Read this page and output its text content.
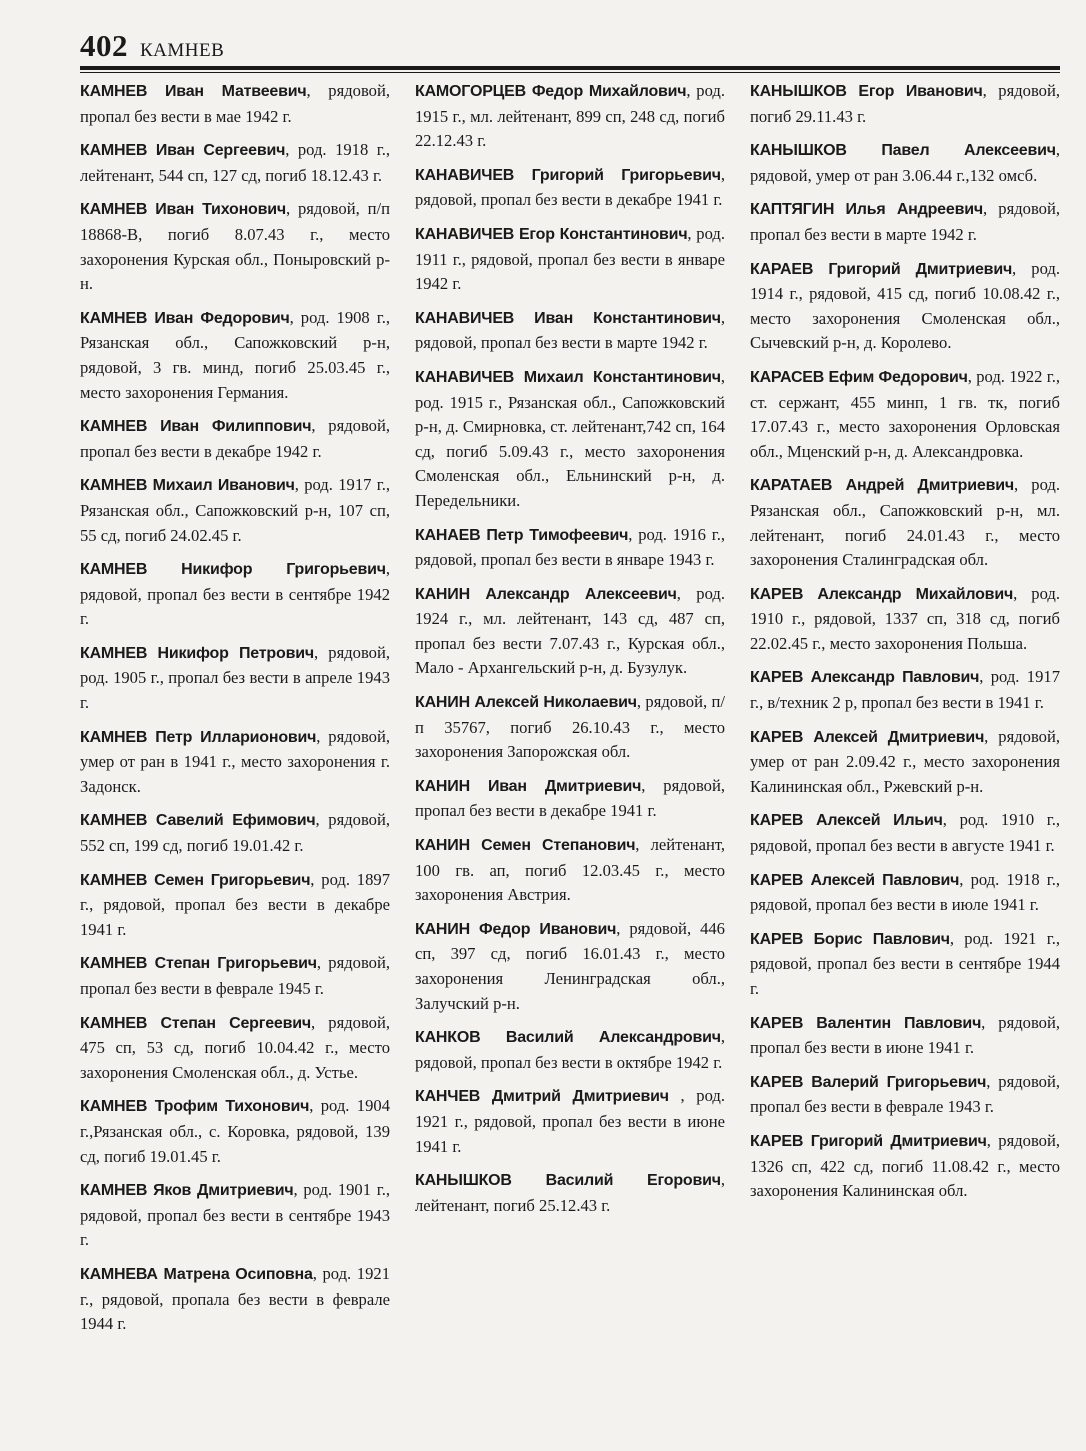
402 КАМНЕВ

КАМНЕВ Иван Матвеевич, рядовой, пропал без вести в мае 1942 г.

КАМНЕВ Иван Сергеевич, род. 1918 г., лейтенант, 544 сп, 127 сд, погиб 18.12.43 г.

КАМНЕВ Иван Тихонович, рядовой, п/п 18868-В, погиб 8.07.43 г., место захоронения Курская обл., Поныровский р-н.

КАМНЕВ Иван Федорович, род. 1908 г., Рязанская обл., Сапожковский р-н, рядовой, 3 гв. минд, погиб 25.03.45 г., место захоронения Германия.

КАМНЕВ Иван Филиппович, рядовой, пропал без вести в декабре 1942 г.

КАМНЕВ Михаил Иванович, род. 1917 г., Рязанская обл., Сапожковский р-н, 107 сп, 55 сд, погиб 24.02.45 г.

КАМНЕВ Никифор Григорьевич, рядовой, пропал без вести в сентябре 1942 г.

КАМНЕВ Никифор Петрович, рядовой, род. 1905 г., пропал без вести в апреле 1943 г.

КАМНЕВ Петр Илларионович, рядовой, умер от ран в 1941 г., место захоронения г. Задонск.

КАМНЕВ Савелий Ефимович, рядовой, 552 сп, 199 сд, погиб 19.01.42 г.

КАМНЕВ Семен Григорьевич, род. 1897 г., рядовой, пропал без вести в декабре 1941 г.

КАМНЕВ Степан Григорьевич, рядовой, пропал без вести в феврале 1945 г.

КАМНЕВ Степан Сергеевич, рядовой, 475 сп, 53 сд, погиб 10.04.42 г., место захоронения Смоленская обл., д. Устье.

КАМНЕВ Трофим Тихонович, род. 1904 г.,Рязанская обл., с. Коровка, рядовой, 139 сд, погиб 19.01.45 г.

КАМНЕВ Яков Дмитриевич, род. 1901 г., рядовой, пропал без вести в сентябре 1943 г.

КАМНЕВА Матрена Осиповна, род. 1921 г., рядовой, пропала без вести в феврале 1944 г.

КАМОГОРЦЕВ Федор Михайлович, род. 1915 г., мл. лейтенант, 899 сп, 248 сд, погиб 22.12.43 г.

КАНАВИЧЕВ Григорий Григорьевич, рядовой, пропал без вести в декабре 1941 г.

КАНАВИЧЕВ Егор Константинович, род. 1911 г., рядовой, пропал без вести в январе 1942 г.

КАНАВИЧЕВ Иван Константинович, рядовой, пропал без вести в марте 1942 г.

КАНАВИЧЕВ Михаил Константинович, род. 1915 г., Рязанская обл., Сапожковский р-н, д. Смирновка, ст. лейтенант,742 сп, 164 сд, погиб 5.09.43 г., место захоронения Смоленская обл., Ельнинский р-н, д. Передельники.

КАНАЕВ Петр Тимофеевич, род. 1916 г., рядовой, пропал без вести в январе 1943 г.

КАНИН Александр Алексеевич, род. 1924 г., мл. лейтенант, 143 сд, 487 сп, пропал без вести 7.07.43 г., Курская обл., Мало - Архангельский р-н, д. Бузулук.

КАНИН Алексей Николаевич, рядовой, п/п 35767, погиб 26.10.43 г., место захоронения Запорожская обл.

КАНИН Иван Дмитриевич, рядовой, пропал без вести в декабре 1941 г.

КАНИН Семен Степанович, лейтенант, 100 гв. ап, погиб 12.03.45 г., место захоронения Австрия.

КАНИН Федор Иванович, рядовой, 446 сп, 397 сд, погиб 16.01.43 г., место захоронения Ленинградская обл., Залучский р-н.

КАНКОВ Василий Александрович, рядовой, пропал без вести в октябре 1942 г.

КАНЧЕВ Дмитрий Дмитриевич , род. 1921 г., рядовой, пропал без вести в июне 1941 г.

КАНЫШКОВ Василий Егорович, лейтенант, погиб 25.12.43 г.

КАНЫШКОВ Егор Иванович, рядовой, погиб 29.11.43 г.

КАНЫШКОВ Павел Алексеевич, рядовой, умер от ран 3.06.44 г.,132 омсб.

КАПТЯГИН Илья Андреевич, рядовой, пропал без вести в марте 1942 г.

КАРАЕВ Григорий Дмитриевич, род. 1914 г., рядовой, 415 сд, погиб 10.08.42 г., место захоронения Смоленская обл., Сычевский р-н, д. Королево.

КАРАСЕВ Ефим Федорович, род. 1922 г., ст. сержант, 455 минп, 1 гв. тк, погиб 17.07.43 г., место захоронения Орловская обл., Мценский р-н, д. Александровка.

КАРАТАЕВ Андрей Дмитриевич, род. Рязанская обл., Сапожковский р-н, мл. лейтенант, погиб 24.01.43 г., место захоронения Сталинградская обл.

КАРЕВ Александр Михайлович, род. 1910 г., рядовой, 1337 сп, 318 сд, погиб 22.02.45 г., место захоронения Польша.

КАРЕВ Александр Павлович, род. 1917 г., в/техник 2 р, пропал без вести в 1941 г.

КАРЕВ Алексей Дмитриевич, рядовой, умер от ран 2.09.42 г., место захоронения Калининская обл., Ржевский р-н.

КАРЕВ Алексей Ильич, род. 1910 г., рядовой, пропал без вести в августе 1941 г.

КАРЕВ Алексей Павлович, род. 1918 г., рядовой, пропал без вести в июле 1941 г.

КАРЕВ Борис Павлович, род. 1921 г., рядовой, пропал без вести в сентябре 1944 г.

КАРЕВ Валентин Павлович, рядовой, пропал без вести в июне 1941 г.

КАРЕВ Валерий Григорьевич, рядовой, пропал без вести в феврале 1943 г.

КАРЕВ Григорий Дмитриевич, рядовой, 1326 сп, 422 сд, погиб 11.08.42 г., место захоронения Калининская обл.
